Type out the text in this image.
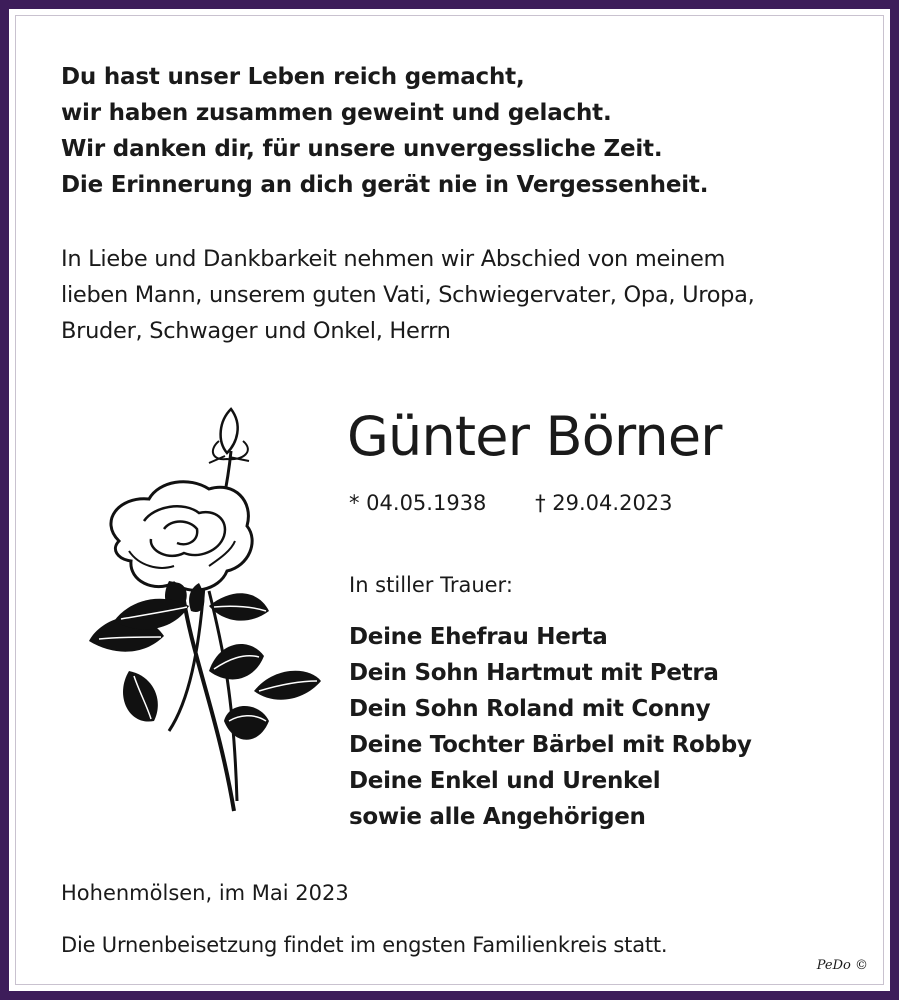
Du hast unser Leben reich gemacht,
wir haben zusammen geweint und gelacht.
Wir danken dir, für unsere unvergessliche Zeit.
Die Erinnerung an dich gerät nie in Vergessenheit.
In Liebe und Dankbarkeit nehmen wir Abschied von meinem
lieben Mann, unserem guten Vati, Schwiegervater, Opa, Uropa,
Bruder, Schwager und Onkel, Herrn
Günter Börner
* 04.05.1938 † 29.04.2023
In stiller Trauer:
Deine Ehefrau Herta
Dein Sohn Hartmut mit Petra
Dein Sohn Roland mit Conny
Deine Tochter Bärbel mit Robby
Deine Enkel und Urenkel
sowie alle Angehörigen
Hohenmölsen, im Mai 2023
Die Urnenbeisetzung findet im engsten Familienkreis statt.
PeDo ©
